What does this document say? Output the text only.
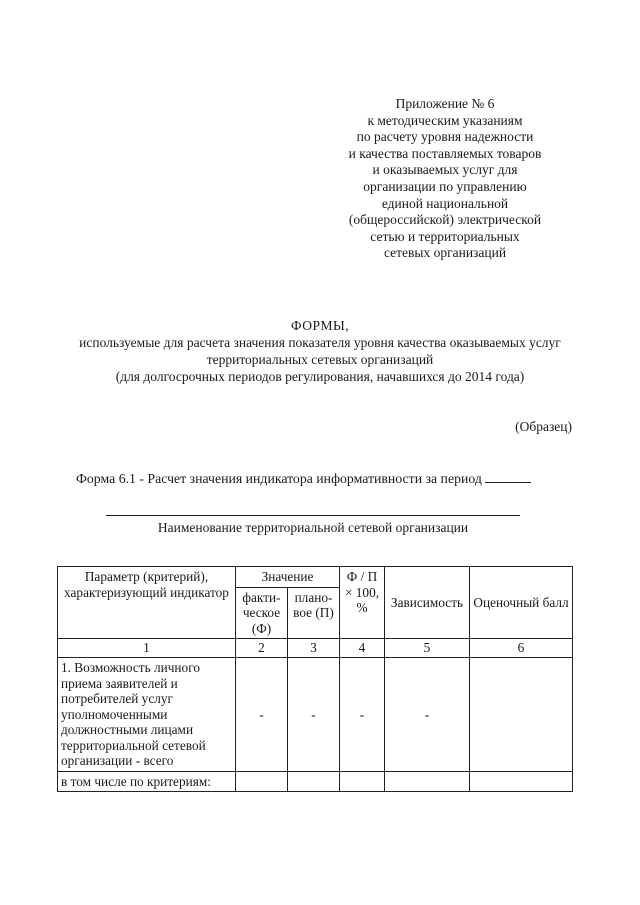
Приложение № 6
к методическим указаниям
по расчету уровня надежности
и качества поставляемых товаров
и оказываемых услуг для
организации по управлению
единой национальной
(общероссийской) электрической
сетью и территориальных
сетевых организаций
ФОРМЫ,
используемые для расчета значения показателя уровня качества оказываемых услуг
территориальных сетевых организаций
(для долгосрочных периодов регулирования, начавшихся до 2014 года)
(Образец)
Форма 6.1 - Расчет значения индикатора информативности за период
Наименование территориальной сетевой организации
Параметр (критерий), характеризующий индикатор	Значение		Ф / П × 100, %	Зависимость	Оценочный балл
	факти-ческое (Ф)	плано-вое (П)			
1	2	3	4	5	6
1. Возможность личного приема заявителей и потребителей услуг уполномоченными должностными лицами территориальной сетевой организации - всего	-	-	-	-	
в том числе по критериям:					
